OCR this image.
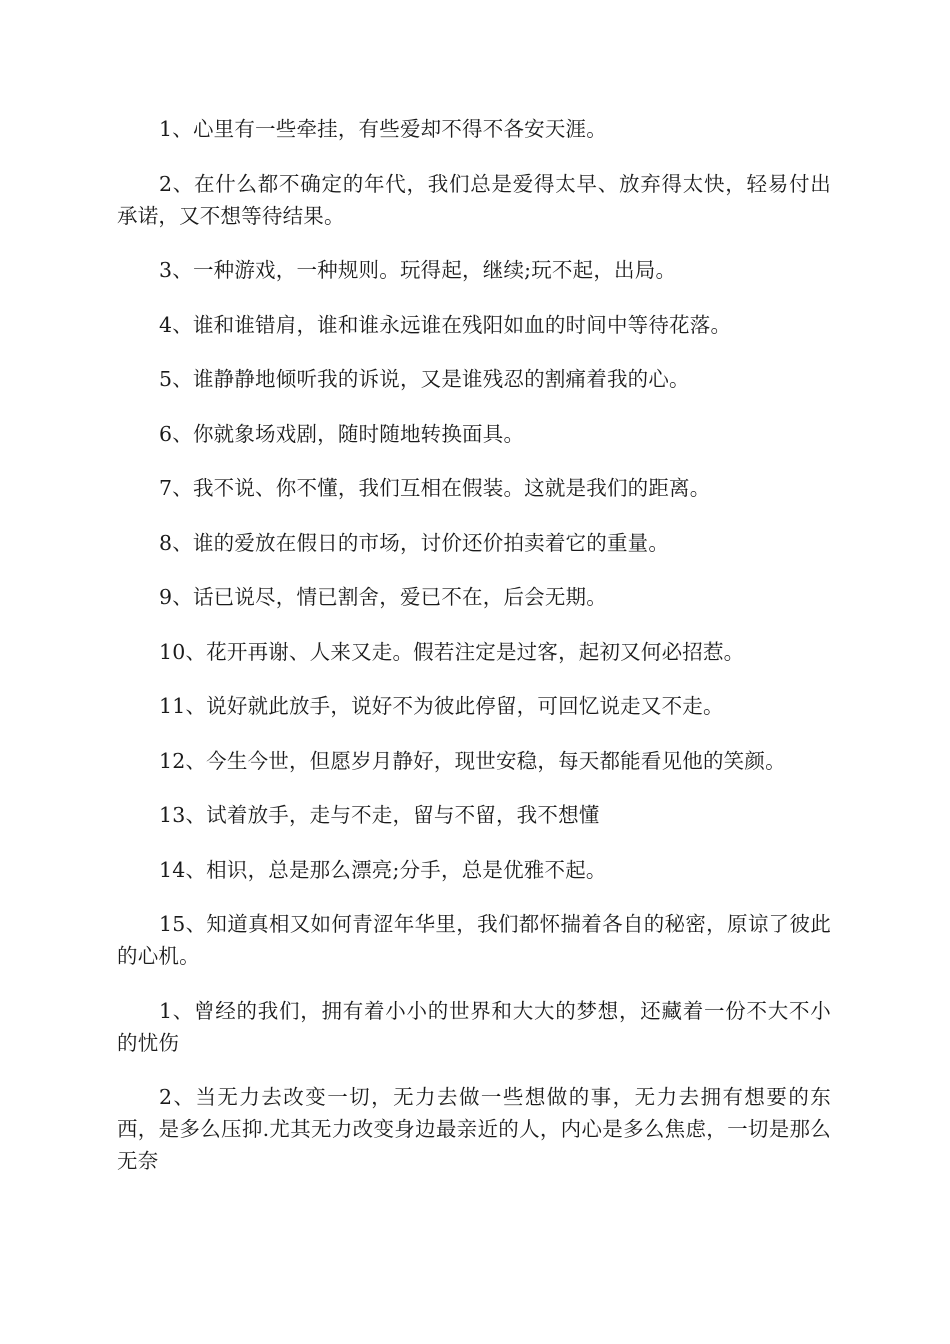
1、心里有一些牵挂，有些爱却不得不各安天涯。

2、在什么都不确定的年代，我们总是爱得太早、放弃得太快，轻易付出承诺，又不想等待结果。

3、一种游戏，一种规则。玩得起，继续;玩不起，出局。

4、谁和谁错肩，谁和谁永远谁在残阳如血的时间中等待花落。

5、谁静静地倾听我的诉说，又是谁残忍的割痛着我的心。

6、你就象场戏剧，随时随地转换面具。

7、我不说、你不懂，我们互相在假装。这就是我们的距离。

8、谁的爱放在假日的市场，讨价还价拍卖着它的重量。

9、话已说尽，情已割舍，爱已不在，后会无期。

10、花开再谢、人来又走。假若注定是过客，起初又何必招惹。

11、说好就此放手，说好不为彼此停留，可回忆说走又不走。

12、今生今世，但愿岁月静好，现世安稳，每天都能看见他的笑颜。

13、试着放手，走与不走，留与不留，我不想懂

14、相识，总是那么漂亮;分手，总是优雅不起。

15、知道真相又如何青涩年华里，我们都怀揣着各自的秘密，原谅了彼此的心机。

1、曾经的我们，拥有着小小的世界和大大的梦想，还藏着一份不大不小的忧伤

2、当无力去改变一切，无力去做一些想做的事，无力去拥有想要的东西，是多么压抑.尤其无力改变身边最亲近的人，内心是多么焦虑，一切是那么无奈
